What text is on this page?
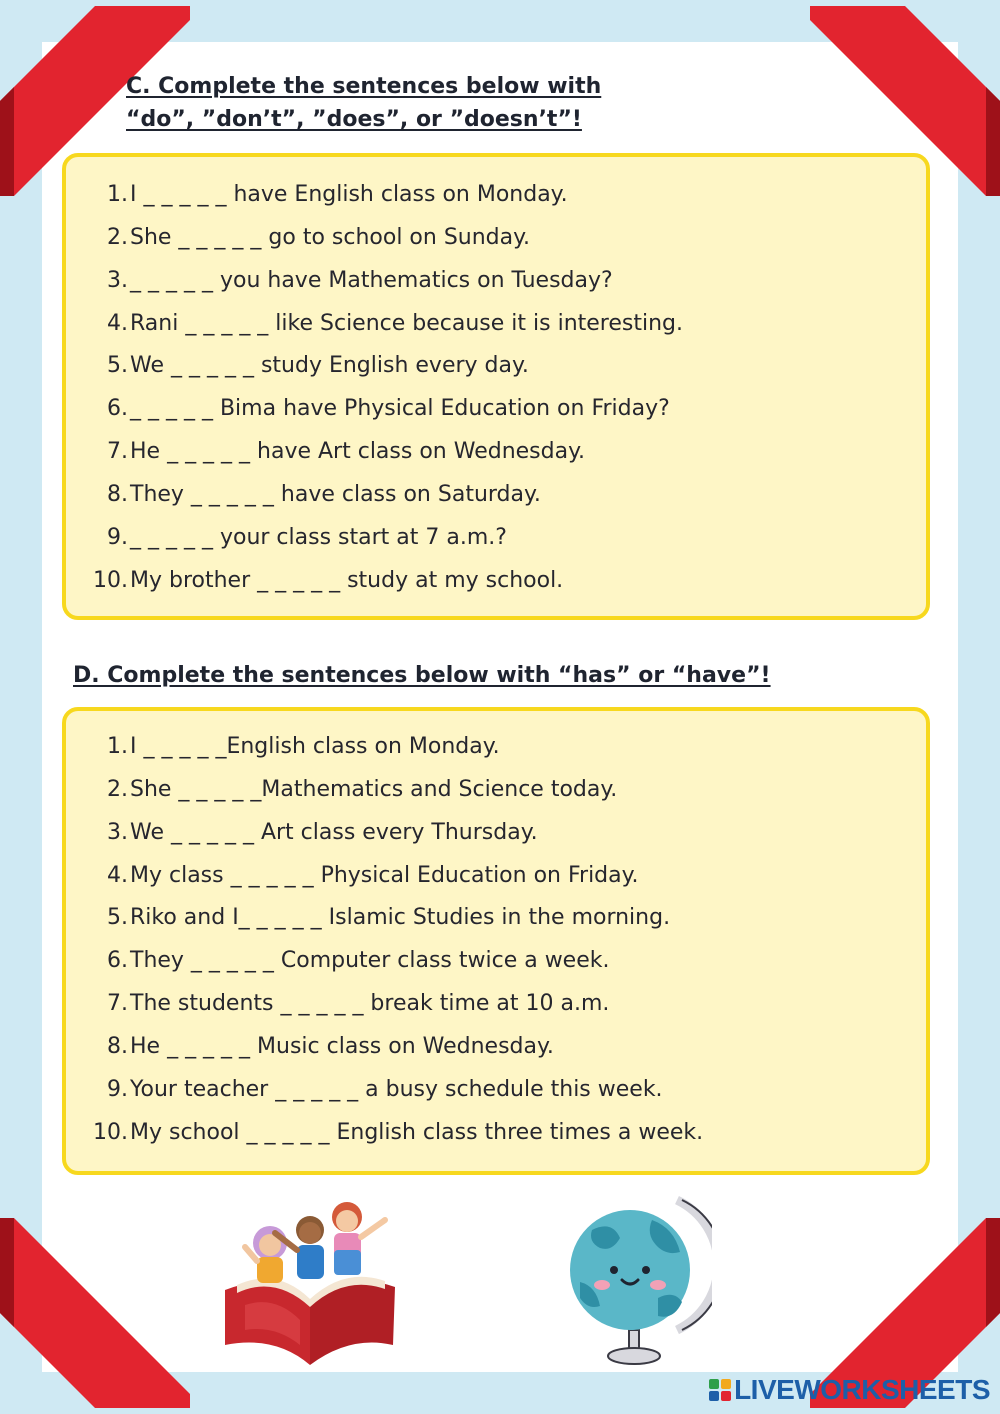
C. Complete the sentences below with
“do”, ”don’t”, ”does”, or ”doesn’t”!
1.I _ _ _ _ _ have English class on Monday.
2.She _ _ _ _ _ go to school on Sunday.
3._ _ _ _ _ you have Mathematics on Tuesday?
4.Rani _ _ _ _ _ like Science because it is interesting.
5.We _ _ _ _ _ study English every day.
6._ _ _ _ _ Bima have Physical Education on Friday?
7.He _ _ _ _ _ have Art class on Wednesday.
8.They _ _ _ _ _ have class on Saturday.
9._ _ _ _ _ your class start at 7 a.m.?
10.My brother _ _ _ _ _ study at my school.
D. Complete the sentences below with “has” or “have”!
1.I _ _ _ _ _English class on Monday.
2.She _ _ _ _ _Mathematics and Science today.
3.We _ _ _ _ _ Art class every Thursday.
4.My class _ _ _ _ _ Physical Education on Friday.
5.Riko and I_ _ _ _ _ Islamic Studies in the morning.
6.They _ _ _ _ _ Computer class twice a week.
7.The students _ _ _ _ _ break time at 10 a.m.
8.He _ _ _ _ _ Music class on Wednesday.
9.Your teacher _ _ _ _ _ a busy schedule this week.
10.My school _ _ _ _ _ English class three times a week.
LIVEWORKSHEETS
